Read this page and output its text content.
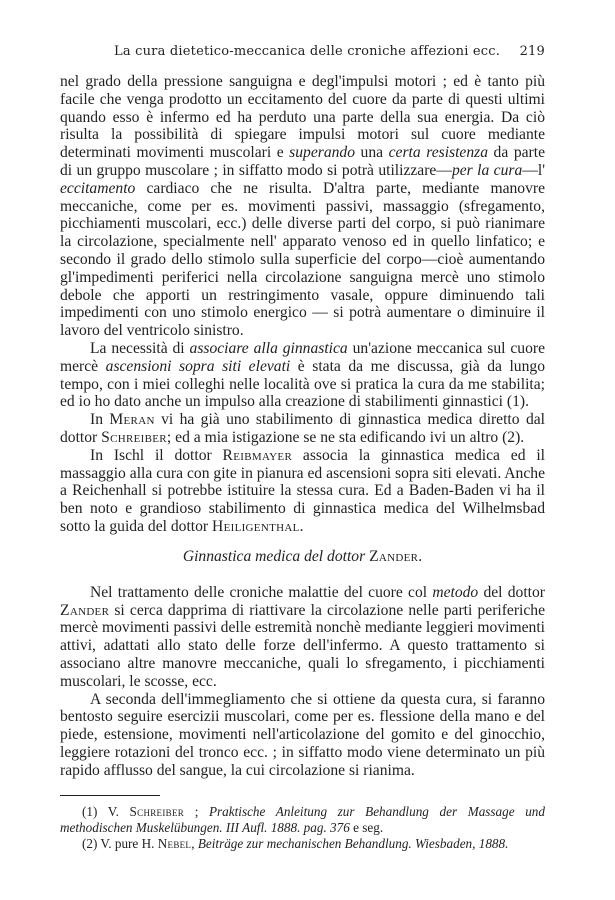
La cura dietetico-meccanica delle croniche affezioni ecc. 219

nel grado della pressione sanguigna e degl'impulsi motori ; ed è tanto più facile che venga prodotto un eccitamento del cuore da parte di questi ultimi quando esso è infermo ed ha perduto una parte della sua energia. Da ciò risulta la possibilità di spiegare impulsi motori sul cuore mediante determinati movimenti muscolari e superando una certa resistenza da parte di un gruppo muscolare ; in siffatto modo si potrà utilizzare—per la cura—l' eccitamento cardiaco che ne risulta. D'altra parte, mediante manovre meccaniche, come per es. movimenti passivi, massaggio (sfregamento, picchiamenti muscolari, ecc.) delle diverse parti del corpo, si può rianimare la circolazione, specialmente nell' apparato venoso ed in quello linfatico; e secondo il grado dello stimolo sulla superficie del corpo—cioè aumentando gl'impedimenti periferici nella circolazione sanguigna mercè uno stimolo debole che apporti un restringimento vasale, oppure diminuendo tali impedimenti con uno stimolo energico — si potrà aumentare o diminuire il lavoro del ventricolo sinistro.

La necessità di associare alla ginnastica un'azione meccanica sul cuore mercè ascensioni sopra siti elevati è stata da me discussa, già da lungo tempo, con i miei colleghi nelle località ove si pratica la cura da me stabilita; ed io ho dato anche un impulso alla creazione di stabilimenti ginnastici (1).

In Meran vi ha già uno stabilimento di ginnastica medica diretto dal dottor Schreiber; ed a mia istigazione se ne sta edificando ivi un altro (2).

In Ischl il dottor Reibmayer associa la ginnastica medica ed il massaggio alla cura con gite in pianura ed ascensioni sopra siti elevati. Anche a Reichenhall si potrebbe istituire la stessa cura. Ed a Baden-Baden vi ha il ben noto e grandioso stabilimento di ginnastica medica del Wilhelmsbad sotto la guida del dottor Heiligenthal.

Ginnastica medica del dottor Zander.

Nel trattamento delle croniche malattie del cuore col metodo del dottor Zander si cerca dapprima di riattivare la circolazione nelle parti periferiche mercè movimenti passivi delle estremità nonchè mediante leggieri movimenti attivi, adattati allo stato delle forze dell'infermo. A questo trattamento si associano altre manovre meccaniche, quali lo sfregamento, i picchiamenti muscolari, le scosse, ecc.

A seconda dell'immegliamento che si ottiene da questa cura, si faranno bentosto seguire esercizii muscolari, come per es. flessione della mano e del piede, estensione, movimenti nell'articolazione del gomito e del ginocchio, leggiere rotazioni del tronco ecc. ; in siffatto modo viene determinato un più rapido afflusso del sangue, la cui circolazione si rianima.

(1) V. Schreiber ; Praktische Anleitung zur Behandlung der Massage und methodischen Muskelübungen. III Aufl. 1888. pag. 376 e seg.

(2) V. pure H. Nebel, Beiträge zur mechanischen Behandlung. Wiesbaden, 1888.
